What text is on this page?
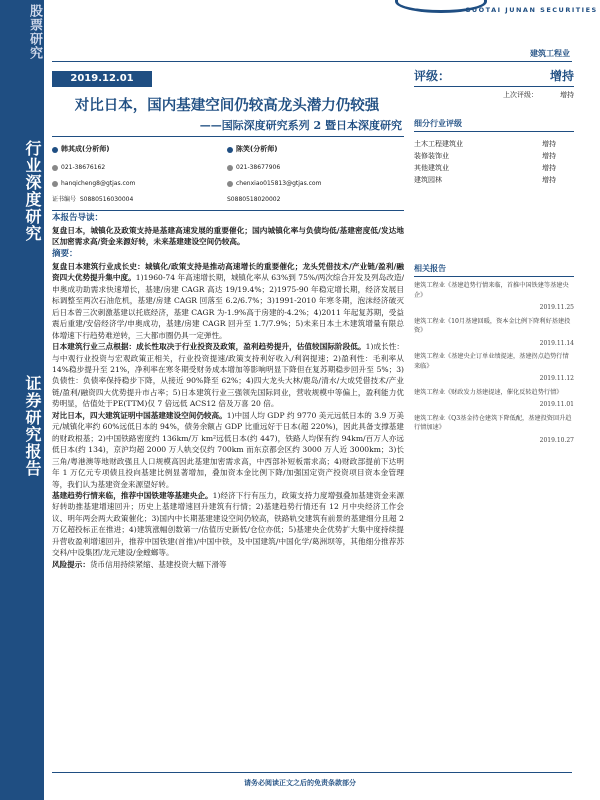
股票研究
行业深度研究
证券研究报告
GUOTAI JUNAN SECURITIES
建筑工程业
2019.12.01
对比日本，国内基建空间仍较高龙头潜力仍较强
——国际深度研究系列 2 暨日本深度研究
韩其成(分析师)	陈笑(分析师)
021-38676162	021-38677906
hanqicheng8@gtjas.com	chenxiao015813@gtjas.com
证书编号 S0880516030004	S0880518020002
评级：	增持
上次评级：	增持
细分行业评级
土木工程建筑业	增持
装修装饰业	增持
其他建筑业	增持
建筑园林	增持
相关报告
建筑工程业《基建趋势行情来临，首推中国铁建等基建央企》
2019.11.25
建筑工程业《10月基建回暖，资本金比例下降利好基建投资》
2019.11.14
建筑工程业《基建央企订单业绩提速，基建拐点趋势行情来临》
2019.11.12
建筑工程业《财政发力基建提速，催化反转趋势行情》
2019.11.01
建筑工程业《Q3基金持仓建筑下降低配，基建投资回升趋行情加速》
2019.10.27
本报告导读：

复盘日本，城镇化及政策支持是基建高速发展的重要催化；国内城镇化率与负债均低/基建密度低/发达地区加密需求高/资金来源好转，未来基建建设空间仍较高。

摘要：

复盘日本建筑行业成长史：城镇化/政策支持是推动高速增长的重要催化；龙头凭借技术/产业链/盈利/融资四大优势提升集中度。1)1960-74 年高速增长期，城镇化率从 63%到 75%/两次综合开发及列岛改造/申奥成功助需求快速增长，基建/房建 CAGR 高达 19/19.4%；2)1975-90 年稳定增长期，经济发展目标调整至两次石油危机，基建/房建 CAGR 回落至 6.2/6.7%；3)1991-2010 年寒冬期，泡沫经济破灭后日本曾三次刺激基建以托底经济，基建 CAGR 为-1.9%高于房建的-4.2%；4)2011 年起复苏期，受益震后重建/安倍经济学/申奥成功，基建/房建 CAGR 回升至 1.7/7.9%；5)未来日本土木建筑增量有限总体增速下行趋势难逆转，三大都市圈仍具一定弹性。

日本建筑行业三点根据：成长性取决于行业投资及政策，盈利趋势提升，估值较国际阶段低。1)成长性：与中观行业投资与宏观政策正相关，行业投资提速/政策支持利好收入/利润提速；2)盈利性：毛利率从 14%稳步提升至 21%，净利率在寒冬期受财务成本增加等影响明显下降但在复苏期稳步回升至 5%；3)负债性：负债率保持稳步下降，从接近 90%降至 62%；4)四大龙头大林/鹿岛/清水/大成凭借技术/产业链/盈利/融资四大优势提升市占率；5)日本建筑行业三强领先国际同业，营收规模中等偏上，盈利能力优势明显，估值处于PE(TTM)仅 7 倍远低 ACS12 倍及万喜 20 倍。

对比日本，四大建筑证明中国基建建设空间仍较高。1)中国人均 GDP 约 9770 美元远低日本的 3.9 万美元/城镇化率约 60%远低日本的 94%，债务余额占 GDP 比重远好于日本(超 220%)，因此具备支撑基建的财政根基；2)中国铁路密度约 136km/万 km²远低日本(约 447)，铁路人均保有约 94km/百万人亦远低日本(约 134)，京沪均超 2000 万人轨交仅约 700km 而东京都会区约 3000 万人近 3000km；3)长三角/粤港澳等地财政强且人口规模高因此基建加密需求高，中西部补短板需求高；4)财政部提前下达明年 1 万亿元专项债且投向基建比例显著增加，叠加资本金比例下降/加强国定资产投资项目资本金管理等，我们认为基建资金来源望好转。

基建趋势行情来临，推荐中国铁建等基建央企。1)经济下行有压力，政策支持力度增强叠加基建资金来源好转助推基建增速回升；历史上基建增速回升建筑有行情；2)基建趋势行情还有 12 月中央经济工作会议、明年两会两大政策催化；3)国内中长期基建建设空间仍较高，铁路轨交建筑有前景的基建细分且超 2 万亿超投标正在推进；4)建筑涨幅创数第一/估值历史新低/仓位亦低；5)基建央企优势扩大集中度持续提升营收盈利增速回升，推荐中国铁建(首推)/中国中铁，及中国建筑/中国化学/葛洲坝等，其他细分推荐苏交科/中设集团/龙元建设/金螳螂等。

风险提示：货币信用持续紧缩、基建投资大幅下滑等

请务必阅读正文之后的免责条款部分
